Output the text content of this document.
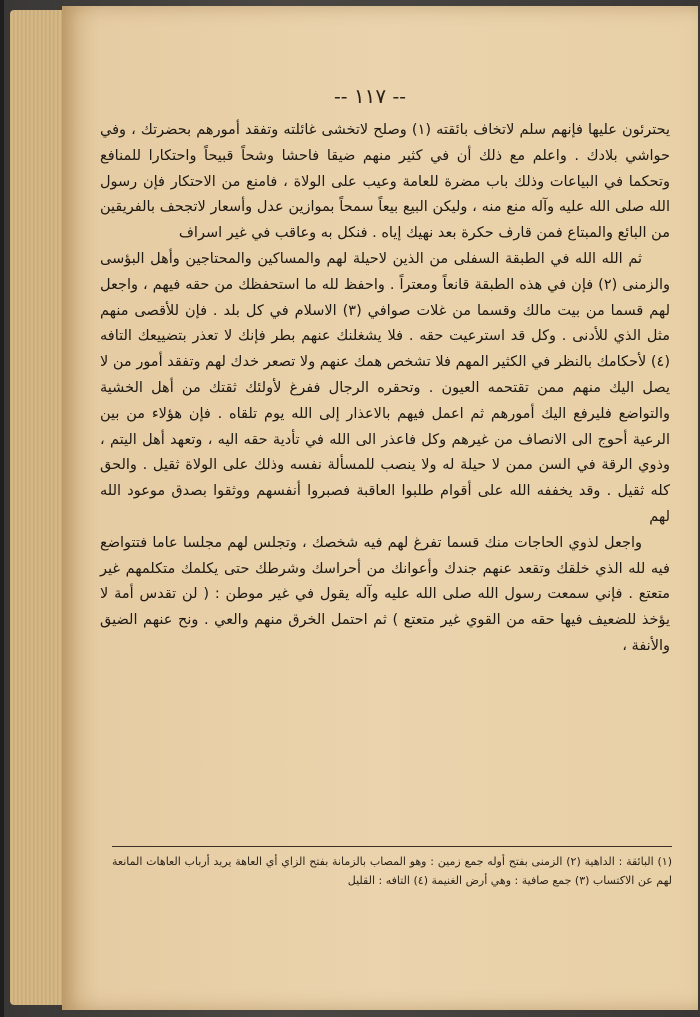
-- ١١٧ --

يحترئون عليها فإنهم سلم لاتخاف بائقته (١) وصلح لاتخشى غائلته وتفقد أمورهم بحضرتك ، وفي حواشي بلادك . واعلم مع ذلك أن في كثير منهم ضيقا فاحشا وشحاً قبيحاً واحتكارا للمنافع وتحكما في البياعات وذلك باب مضرة للعامة وعيب على الولاة ، فامنع من الاحتكار فإن رسول الله صلى الله عليه وآله منع منه ، وليكن البيع بيعاً سمحاً بموازين عدل وأسعار لاتجحف بالفريقين من البائع والمبتاع فمن قارف حكرة بعد نهيك إياه . فنكل به وعاقب في غير اسراف

ثم الله الله في الطبقة السفلى من الذين لاحيلة لهم والمساكين والمحتاجين وأهل البؤسى والزمنى (٢) فإن في هذه الطبقة قانعاً ومعتراً . واحفظ لله ما استحفظك من حقه فيهم ، واجعل لهم قسما من بيت مالك وقسما من غلات صوافي (٣) الاسلام في كل بلد . فإن للأقصى منهم مثل الذي للأدنى . وكل قد استرعيت حقه . فلا يشغلنك عنهم بطر فإنك لا تعذر بتضييعك التافه (٤) لأحكامك بالنظر في الكثير المهم فلا تشخص همك عنهم ولا تصعر خدك لهم وتفقد أمور من لا يصل اليك منهم ممن تقتحمه العيون . وتحقره الرجال ففرغ لأولئك ثقتك من أهل الخشية والتواضع فليرفع اليك أمورهم ثم اعمل فيهم بالاعذار إلى الله يوم تلقاه . فإن هؤلاء من بين الرعية أحوج الى الانصاف من غيرهم وكل فاعذر الى الله في تأدية حقه اليه ، وتعهد أهل اليتم ، وذوي الرقة في السن ممن لا حيلة له ولا ينصب للمسألة نفسه وذلك على الولاة ثقيل . والحق كله ثقيل . وقد يخففه الله على أقوام طلبوا العاقبة فصبروا أنفسهم ووثقوا بصدق موعود الله لهم

واجعل لذوي الحاجات منك قسما تفرغ لهم فيه شخصك ، وتجلس لهم مجلسا عاما فتتواضع فيه لله الذي خلقك وتقعد عنهم جندك وأعوانك من أحراسك وشرطك حتى يكلمك متكلمهم غير متعتع . فإني سمعت رسول الله صلى الله عليه وآله يقول في غير موطن : ( لن تقدس أمة لا يؤخذ للضعيف فيها حقه من القوي غير متعتع ) ثم احتمل الخرق منهم والعي . ونح عنهم الضيق والأنفة ،

(١) البائقة : الداهية (٢) الزمنى بفتح أوله جمع زمين : وهو المصاب بالزمانة بفتح الزاي أي العاهة يريد أرباب العاهات المانعة لهم عن الاكتساب (٣) جمع صافية : وهي أرض الغنيمة (٤) التافه : القليل
